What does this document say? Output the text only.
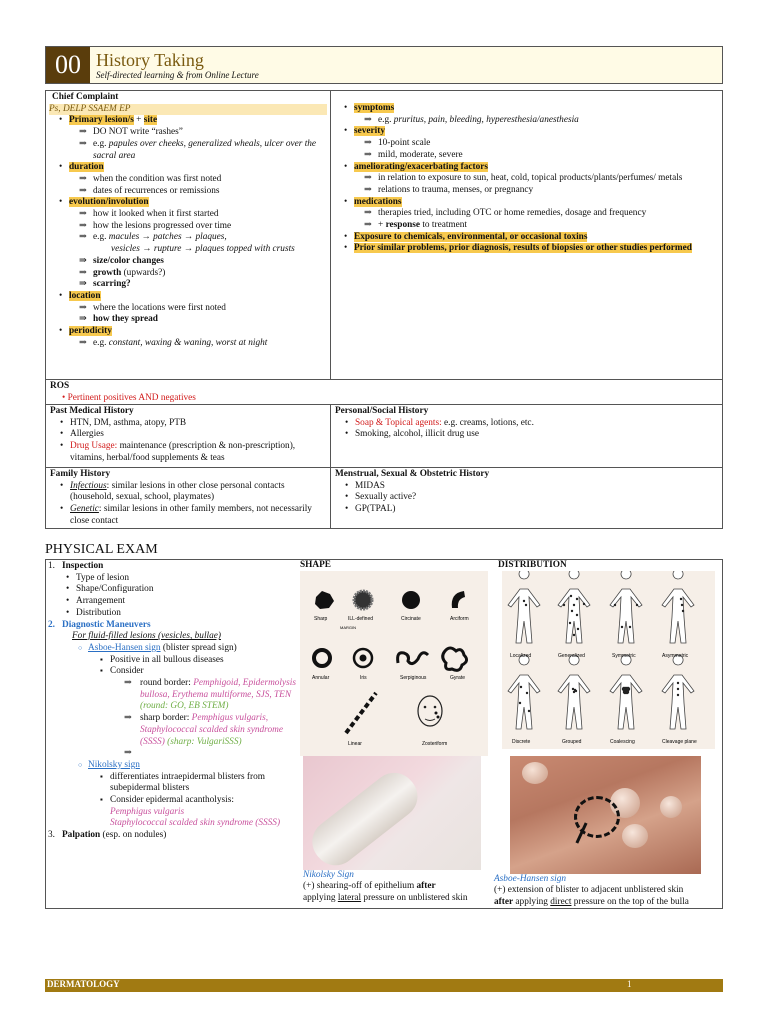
00 History Taking
Self-directed learning & from Online Lecture
Chief Complaint
Ps, DELP SSAEM EP
• Primary lesion/s + site
⇒ DO NOT write “rashes”
⇒ e.g. papules over cheeks, generalized wheals, ulcer over the sacral area
• duration
⇒ when the condition was first noted
⇒ dates of recurrences or remissions
• evolution/involution
⇒ how it looked when it first started
⇒ how the lesions progressed over time
⇒ e.g. macules → patches → plaques,
vesicles → rupture → plaques topped with crusts
⇒ size/color changes
⇒ growth (upwards?)
⇒ scarring?
• location
⇒ where the locations were first noted
⇒ how they spread
• periodicity
⇒ e.g. constant, waxing & waning, worst at night
• symptoms
⇒ e.g. pruritus, pain, bleeding, hyperesthesia/anesthesia
• severity
⇒ 10-point scale
⇒ mild, moderate, severe
• ameliorating/exacerbating factors
⇒ in relation to exposure to sun, heat, cold, topical products/plants/perfumes/ metals
⇒ relations to trauma, menses, or pregnancy
• medications
⇒ therapies tried, including OTC or home remedies, dosage and frequency
⇒ + response to treatment
• Exposure to chemicals, environmental, or occasional toxins
• Prior similar problems, prior diagnosis, results of biopsies or other studies performed
ROS
• Pertinent positives AND negatives
Past Medical History
• HTN, DM, asthma, atopy, PTB
• Allergies
• Drug Usage: maintenance (prescription & non-prescription), vitamins, herbal/food supplements & teas
Personal/Social History
• Soap & Topical agents: e.g. creams, lotions, etc.
• Smoking, alcohol, illicit drug use
Family History
• Infectious: similar lesions in other close personal contacts (household, sexual, school, playmates)
• Genetic: similar lesions in other family members, not necessarily close contact
Menstrual, Sexual & Obstetric History
• MIDAS
• Sexually active?
• GP(TPAL)
PHYSICAL EXAM
1. Inspection
• Type of lesion
• Shape/Configuration
• Arrangement
• Distribution
2. Diagnostic Maneuvers
For fluid-filled lesions (vesicles, bullae)
○ Asboe-Hansen sign (blister spread sign)
▪ Positive in all bullous diseases
▪ Consider
⇒ round border: Pemphigoid, Epidermolysis bullosa, Erythema multiforme, SJS, TEN (round: GO, EB STEM)
⇒ sharp border: Pemphigus vulgaris, Staphylococcal scalded skin syndrome (SSSS) (sharp: VulgariSSS)
⇒
○ Nikolsky sign
▪ differentiates intraepidermal blisters from subepidermal blisters
▪ Consider epidermal acantholysis:
Pemphigus vulgaris
Staphylococcal scalded skin syndrome (SSSS)
3. Palpation (esp. on nodules)
SHAPE
Sharp	ILL-defined	Circinate	Arciform
MARGIN
Annular	Iris	Serpiginous	Gyrate
Linear	Zosteriform
DISTRIBUTION
Localized	Generalized	Symmetric	Asymmetric
Discrete	Grouped	Coalescing	Cleavage plane
Nikolsky Sign
(+) shearing-off of epithelium after
applying lateral pressure on unblistered skin
Asboe-Hansen sign
(+) extension of blister to adjacent unblistered skin
after applying direct pressure on the top of the bulla
DERMATOLOGY	1
